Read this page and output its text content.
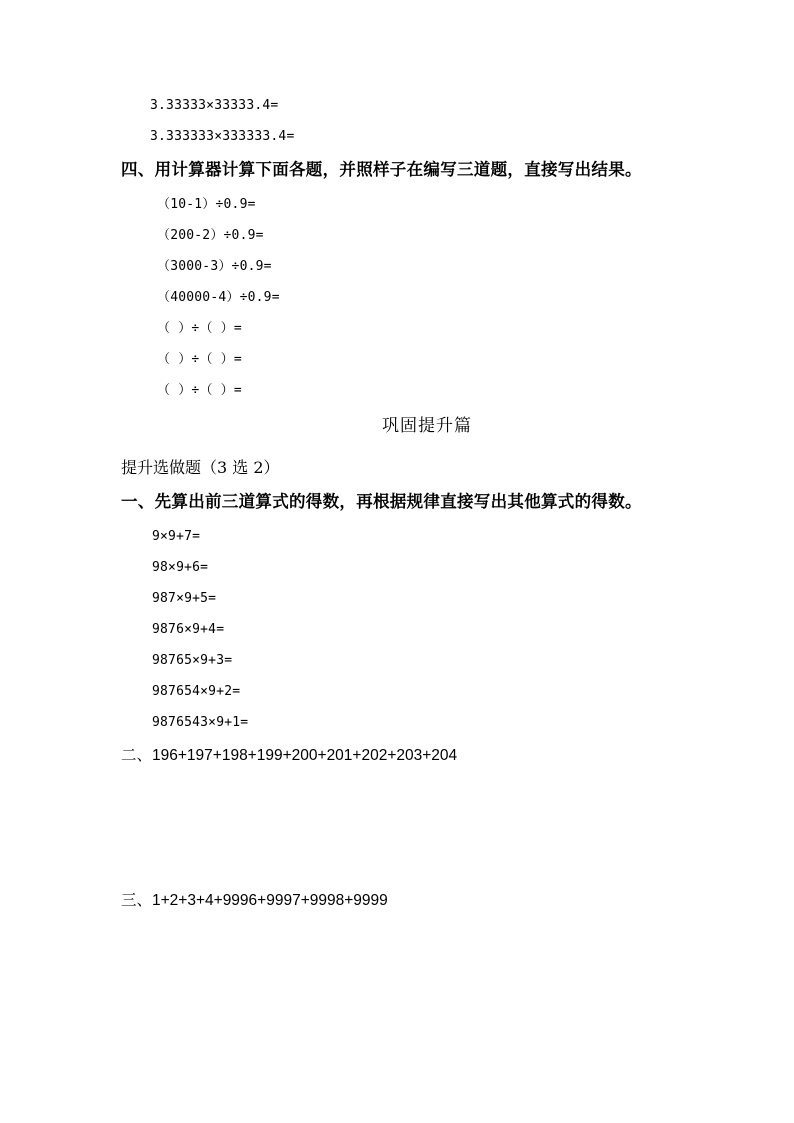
3.33333×33333.4=
3.333333×333333.4=
四、用计算器计算下面各题，并照样子在编写三道题，直接写出结果。
（10-1）÷0.9=
（200-2）÷0.9=
（3000-3）÷0.9=
（40000-4）÷0.9=
（ ）÷（ ）=
（ ）÷（ ）=
（ ）÷（ ）=
巩固提升篇
提升选做题（3 选 2）
一、先算出前三道算式的得数，再根据规律直接写出其他算式的得数。
9×9+7=
98×9+6=
987×9+5=
9876×9+4=
98765×9+3=
987654×9+2=
9876543×9+1=
二、196+197+198+199+200+201+202+203+204
三、1+2+3+4+9996+9997+9998+9999
